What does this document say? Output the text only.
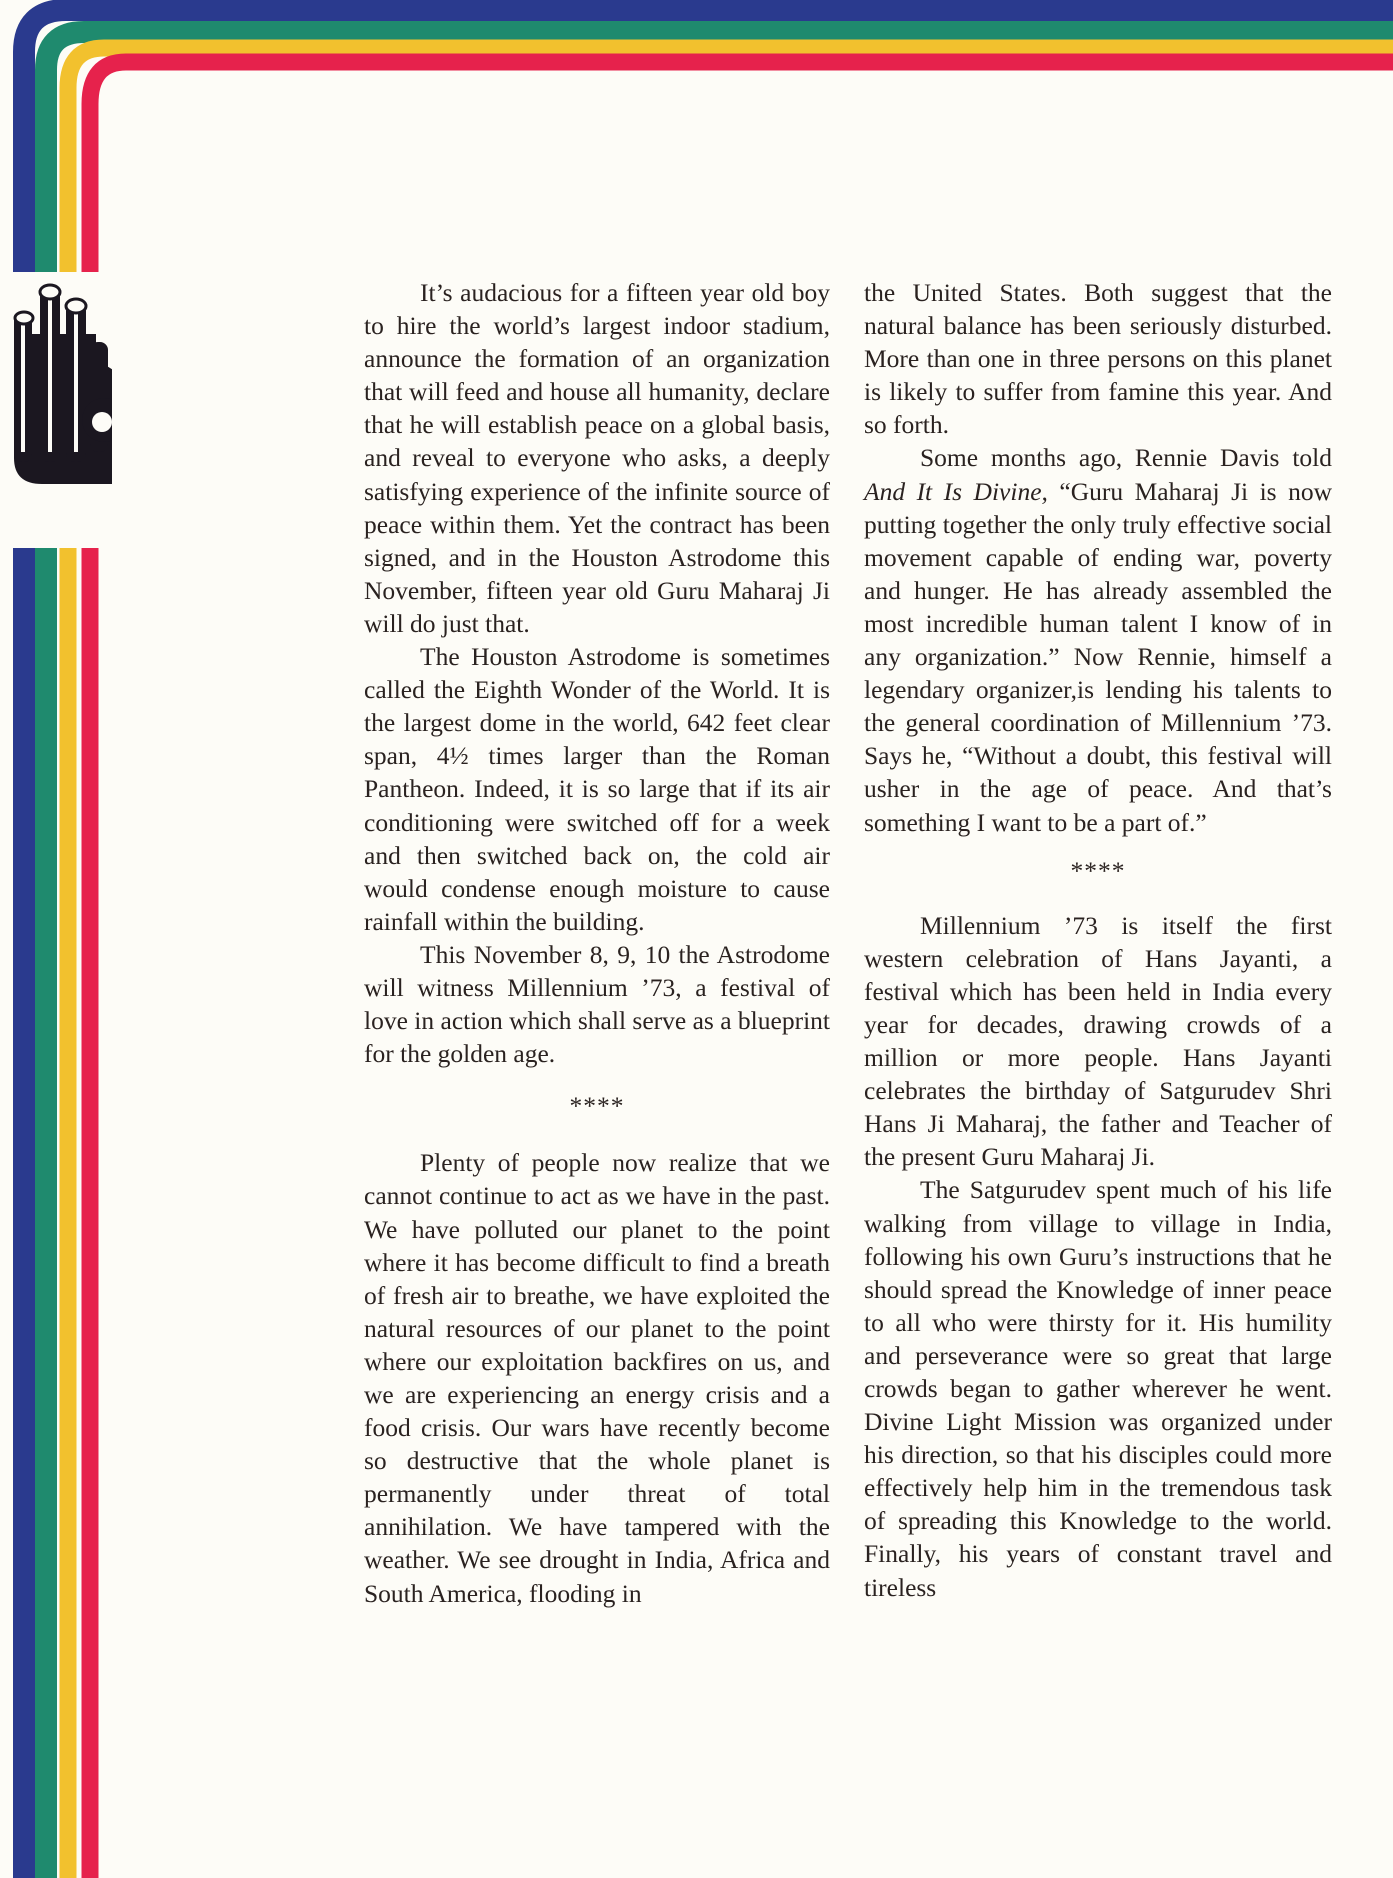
It’s audacious for a fifteen year old boy to hire the world’s largest indoor stadium, announce the formation of an organization that will feed and house all humanity, declare that he will establish peace on a global basis, and reveal to everyone who asks, a deeply satisfying experience of the infinite source of peace within them. Yet the contract has been signed, and in the Houston Astrodome this November, fifteen year old Guru Maharaj Ji will do just that.

The Houston Astrodome is sometimes called the Eighth Wonder of the World. It is the largest dome in the world, 642 feet clear span, 4½ times larger than the Roman Pantheon. Indeed, it is so large that if its air conditioning were switched off for a week and then switched back on, the cold air would condense enough moisture to cause rainfall within the building.

This November 8, 9, 10 the Astrodome will witness Millennium ’73, a festival of love in action which shall serve as a blueprint for the golden age.

****

Plenty of people now realize that we cannot continue to act as we have in the past. We have polluted our planet to the point where it has become difficult to find a breath of fresh air to breathe, we have exploited the natural resources of our planet to the point where our exploitation backfires on us, and we are experiencing an energy crisis and a food crisis. Our wars have recently become so destructive that the whole planet is permanently under threat of total annihilation. We have tampered with the weather. We see drought in India, Africa and South America, flooding in

the United States. Both suggest that the natural balance has been seriously disturbed. More than one in three persons on this planet is likely to suffer from famine this year. And so forth.

Some months ago, Rennie Davis told And It Is Divine, “Guru Maharaj Ji is now putting together the only truly effective social movement capable of ending war, poverty and hunger. He has already assembled the most incredible human talent I know of in any organization.” Now Rennie, himself a legendary organizer,is lending his talents to the general coordination of Millennium ’73. Says he, “Without a doubt, this festival will usher in the age of peace. And that’s something I want to be a part of.”

****

Millennium ’73 is itself the first western celebration of Hans Jayanti, a festival which has been held in India every year for decades, drawing crowds of a million or more people. Hans Jayanti celebrates the birthday of Satgurudev Shri Hans Ji Maharaj, the father and Teacher of the present Guru Maharaj Ji.

The Satgurudev spent much of his life walking from village to village in India, following his own Guru’s instructions that he should spread the Knowledge of inner peace to all who were thirsty for it. His humility and perseverance were so great that large crowds began to gather wherever he went. Divine Light Mission was organized under his direction, so that his disciples could more effectively help him in the tremendous task of spreading this Knowledge to the world. Finally, his years of constant travel and tireless
